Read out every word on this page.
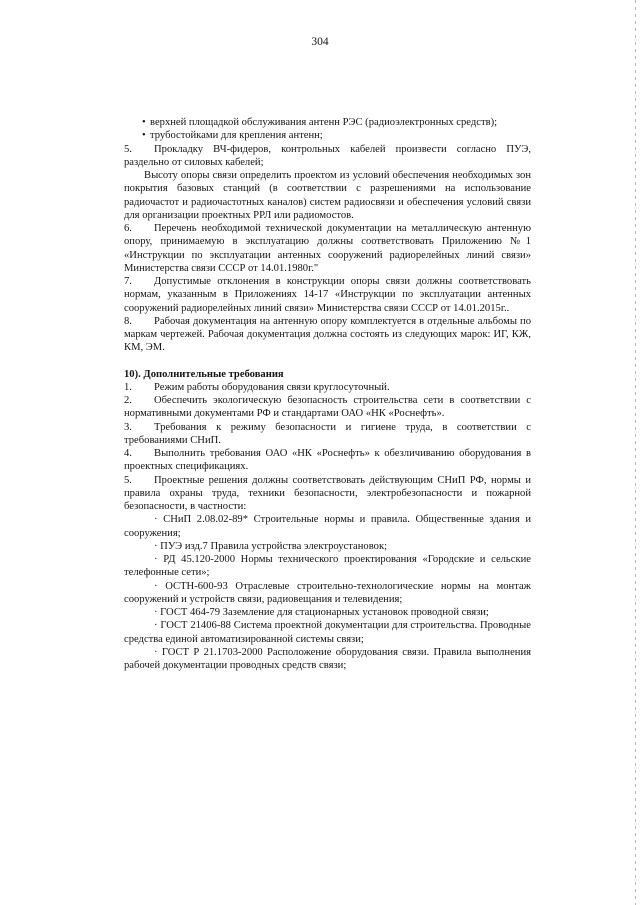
304

• верхней площадкой обслуживания антенн РЭС (радиоэлектронных средств);

• трубостойками для крепления антенн;

5. Прокладку ВЧ-фидеров, контрольных кабелей произвести согласно ПУЭ, раздельно от силовых кабелей;

Высоту опоры связи определить проектом из условий обеспечения необходимых зон покрытия базовых станций (в соответствии с разрешениями на использование радиочастот и радиочастотных каналов) систем радиосвязи и обеспечения условий связи для организации проектных РРЛ или радиомостов.

6. Перечень необходимой технической документации на металлическую антенную опору, принимаемую в эксплуатацию должны соответствовать Приложению №1 «Инструкции по эксплуатации антенных сооружений радиорелейных линий связи» Министерства связи СССР от 14.01.1980г."

7. Допустимые отклонения в конструкции опоры связи должны соответствовать нормам, указанным в Приложениях 14-17 «Инструкции по эксплуатации антенных сооружений радиорелейных линий связи» Министерства связи СССР от 14.01.2015г..

8. Рабочая документация на антенную опору комплектуется в отдельные альбомы по маркам чертежей. Рабочая документация должна состоять из следующих марок: ИГ, КЖ, КМ, ЭМ.

10). Дополнительные требования

1. Режим работы оборудования связи круглосуточный.

2. Обеспечить экологическую безопасность строительства сети в соответствии с нормативными документами РФ и стандартами ОАО «НК «Роснефть».

3. Требования к режиму безопасности и гигиене труда, в соответствии с требованиями СНиП.

4. Выполнить требования ОАО «НК «Роснефть» к обезличиванию оборудования в проектных спецификациях.

5. Проектные решения должны соответствовать действующим СНиП РФ, нормы и правила охраны труда, техники безопасности, электробезопасности и пожарной безопасности, в частности:

· СНиП 2.08.02-89* Строительные нормы и правила. Общественные здания и сооружения;

· ПУЭ изд.7 Правила устройства электроустановок;

· РД 45.120-2000 Нормы технического проектирования «Городские и сельские телефонные сети»;

· ОСТН-600-93 Отраслевые строительно-технологические нормы на монтаж сооружений и устройств связи, радиовещания и телевидения;

· ГОСТ 464-79 Заземление для стационарных установок проводной связи;

· ГОСТ 21406-88 Система проектной документации для строительства. Проводные средства единой автоматизированной системы связи;

· ГОСТ Р 21.1703-2000 Расположение оборудования связи. Правила выполнения рабочей документации проводных средств связи;
